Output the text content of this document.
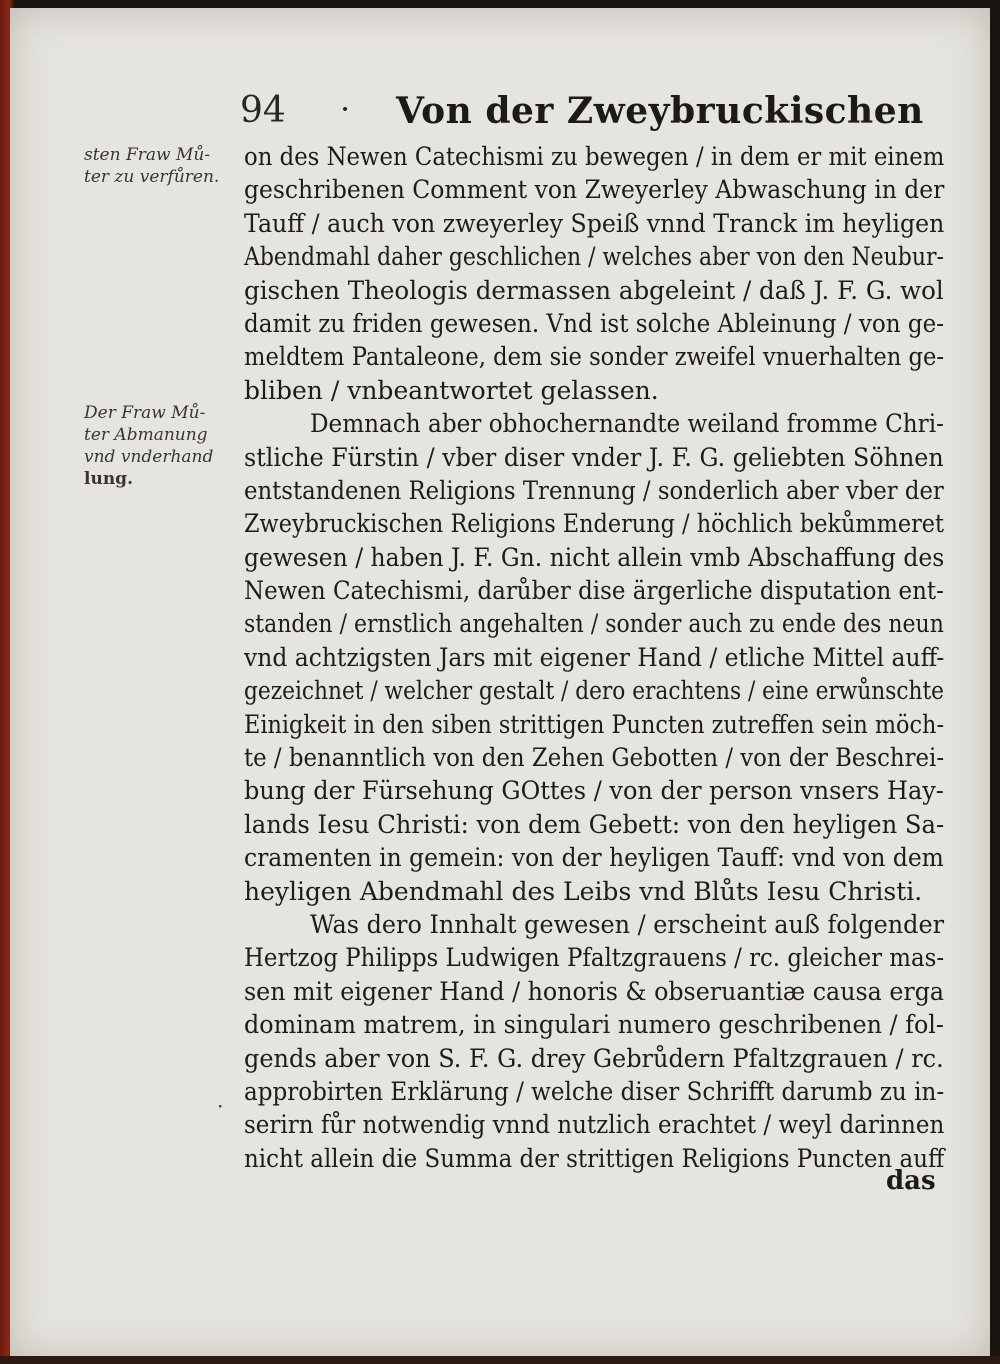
94 · Von der Zweybruckischen
sten Fraw Mů-
ter zu verfůren.
Der Fraw Mů-
ter Abmanung
vnd vnderhand
lung.
·
on des Newen Catechismi zu bewegen / in dem er mit einem
geschribenen Comment von Zweyerley Abwaschung in der
Tauff / auch von zweyerley Speiß vnnd Tranck im heyligen
Abendmahl daher geschlichen / welches aber von den Neubur-
gischen Theologis dermassen abgeleint / daß J. F. G. wol
damit zu friden gewesen. Vnd ist solche Ableinung / von ge-
meldtem Pantaleone, dem sie sonder zweifel vnuerhalten ge-
bliben / vnbeantwortet gelassen.
Demnach aber obhochernandte weiland fromme Chri-
stliche Fürstin / vber diser vnder J. F. G. geliebten Söhnen
entstandenen Religions Trennung / sonderlich aber vber der
Zweybruckischen Religions Enderung / höchlich bekůmmeret
gewesen / haben J. F. Gn. nicht allein vmb Abschaffung des
Newen Catechismi, darůber dise ärgerliche disputation ent-
standen / ernstlich angehalten / sonder auch zu ende des neun
vnd achtzigsten Jars mit eigener Hand / etliche Mittel auff-
gezeichnet / welcher gestalt / dero erachtens / eine erwůnschte
Einigkeit in den siben strittigen Puncten zutreffen sein möch-
te / benanntlich von den Zehen Gebotten / von der Beschrei-
bung der Fürsehung GOttes / von der person vnsers Hay-
lands Iesu Christi: von dem Gebett: von den heyligen Sa-
cramenten in gemein: von der heyligen Tauff: vnd von dem
heyligen Abendmahl des Leibs vnd Blůts Iesu Christi.
Was dero Innhalt gewesen / erscheint auß folgender
Hertzog Philipps Ludwigen Pfaltzgrauens / rc. gleicher mas-
sen mit eigener Hand / honoris & obseruantiæ causa erga
dominam matrem, in singulari numero geschribenen / fol-
gends aber von S. F. G. drey Gebrůdern Pfaltzgrauen / rc.
approbirten Erklärung / welche diser Schrifft darumb zu in-
serirn fůr notwendig vnnd nutzlich erachtet / weyl darinnen
nicht allein die Summa der strittigen Religions Puncten auff
das
